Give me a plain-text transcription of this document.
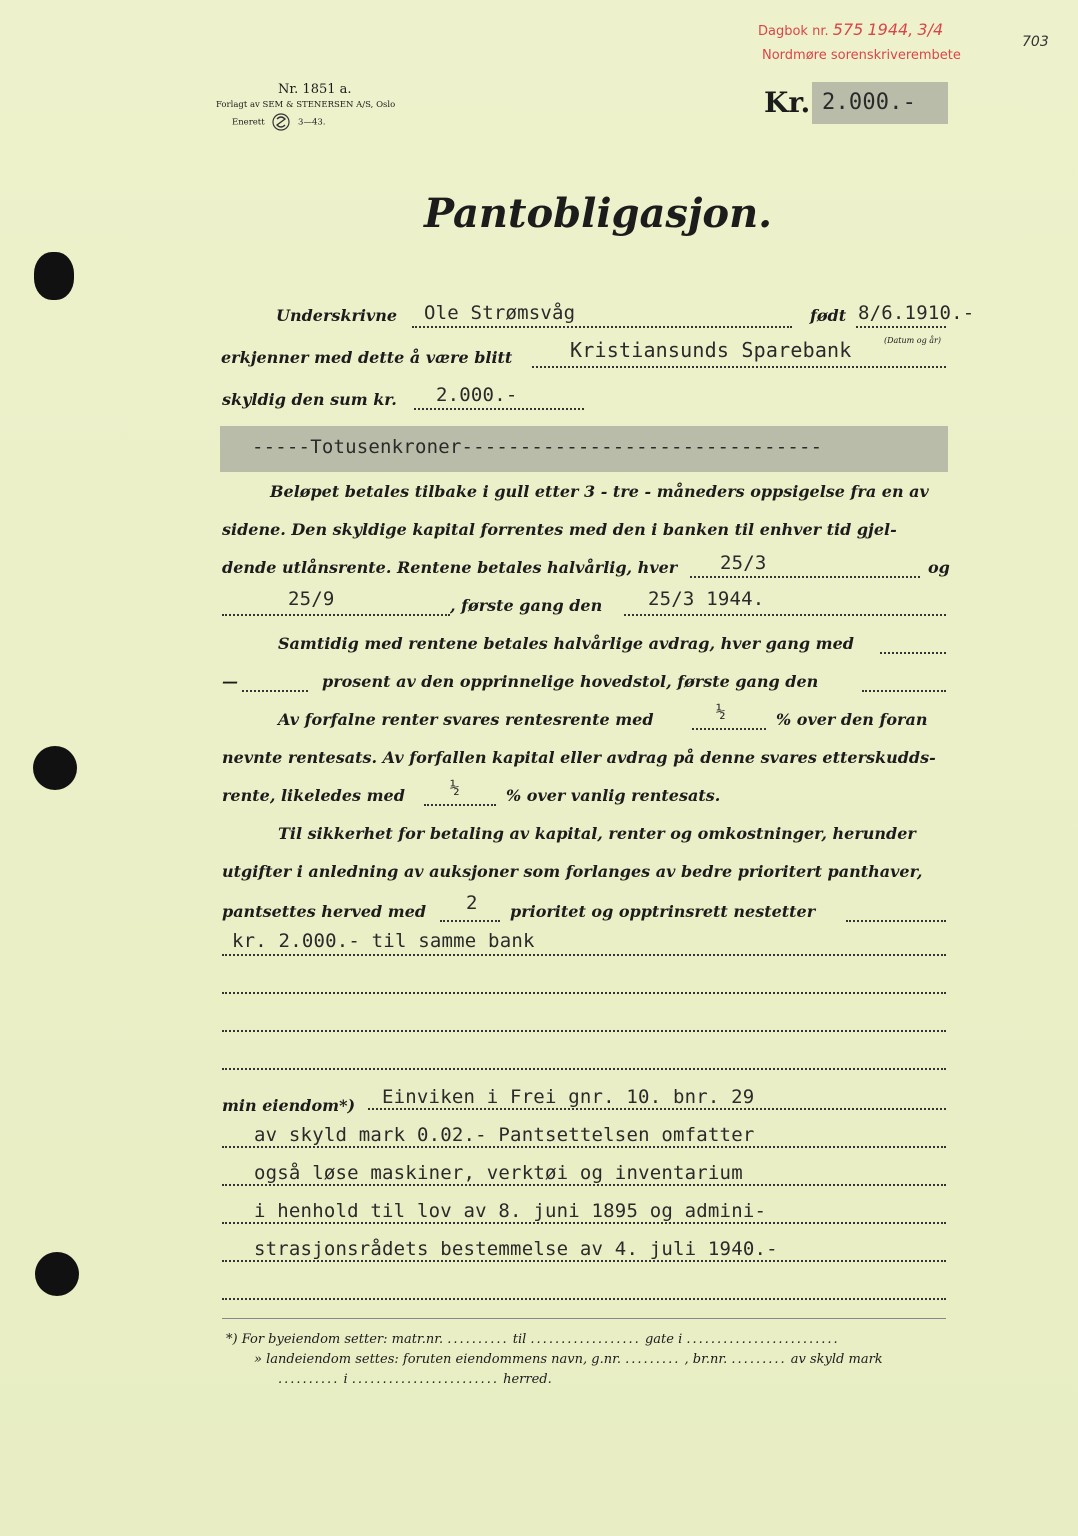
Dagbok nr. 575 1944, 3/4
703
Nordmøre sorenskriverembete
Nr. 1851 a.
Forlagt av SEM & STENERSEN A/S, Oslo
Enerett	3—43.
Kr. 2.000.-
Pantobligasjon.
Underskrivne Ole Strømsvåg	født 8/6.1910.-
erkjenner med dette å være blitt	Kristiansunds Sparebank	(Datum og år)
skyldig den sum kr. 2.000.-
-----Totusenkroner-------------------------------
Beløpet betales tilbake i gull etter 3 - tre - måneders oppsigelse fra en av
sidene. Den skyldige kapital forrentes med den i banken til enhver tid gjel-
dende utlånsrente. Rentene betales halvårlig, hver 25/3	og
25/9	, første gang den 25/3 1944.
Samtidig med rentene betales halvårlige avdrag, hver gang med
—	prosent av den opprinnelige hovedstol, første gang den
Av forfalne renter svares rentesrente med	½	% over den foran
nevnte rentesats. Av forfallen kapital eller avdrag på denne svares etterskudds-
rente, likeledes med	½	% over vanlig rentesats.
Til sikkerhet for betaling av kapital, renter og omkostninger, herunder
utgifter i anledning av auksjoner som forlanges av bedre prioritert panthaver,
pantsettes herved med 2 prioritet og opptrinsrett nestetter
kr. 2.000.- til samme bank
min eiendom*) Einviken i Frei gnr. 10. bnr. 29
av skyld mark 0.02.- Pantsettelsen omfatter
også løse maskiner, verktøi og inventarium
i henhold til lov av 8. juni 1895 og admini-
strasjonsrådets bestemmelse av 4. juli 1940.-
*) For byeiendom setter: matr.nr. .......... til .................. gate i .........................
» landeiendom settes: foruten eiendommens navn, g.nr. ......... , br.nr. ......... av skyld mark
.......... i ........................ herred.
